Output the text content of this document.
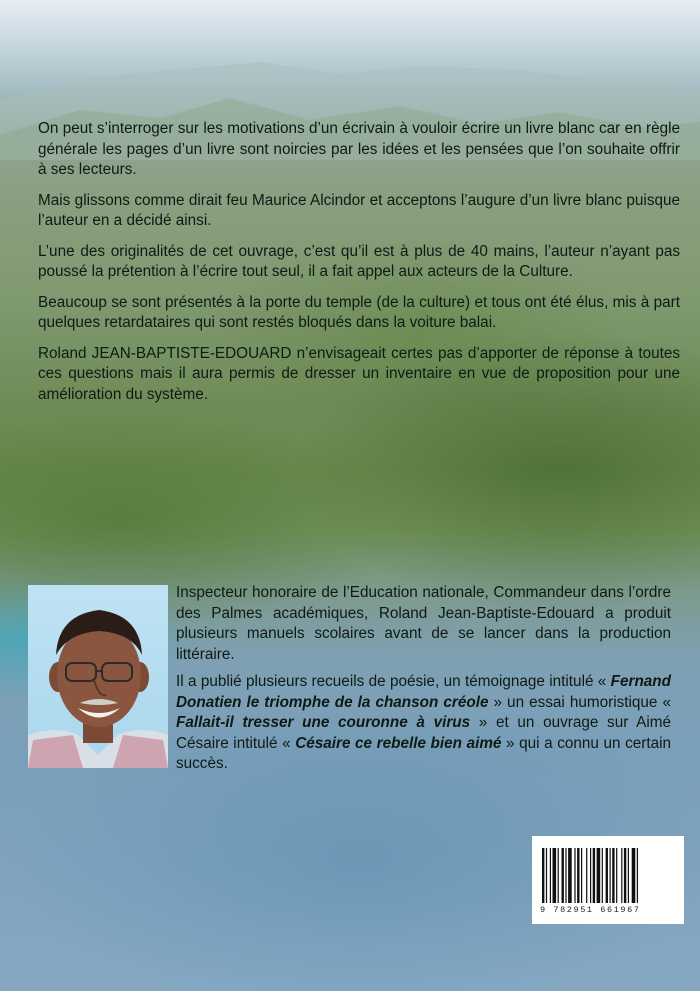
On peut s’interroger sur les motivations d’un écrivain à vouloir écrire un livre blanc car en règle générale les pages d’un livre sont noircies par les idées et les pensées que l’on souhaite offrir à ses lecteurs.

Mais glissons comme dirait feu Maurice Alcindor et acceptons l’augure d’un livre blanc puisque l’auteur en a décidé ainsi.

L’une des originalités de cet ouvrage, c’est qu’il est à plus de 40 mains, l’auteur n’ayant pas poussé la prétention à l’écrire tout seul, il a fait appel aux acteurs de la Culture.

Beaucoup se sont présentés à la porte du temple (de la culture) et tous ont été élus, mis à part quelques retardataires qui sont restés bloqués dans la voiture balai.

Roland JEAN-BAPTISTE-EDOUARD n’envisageait certes pas d’apporter de réponse à toutes ces questions mais il aura permis de dresser un inventaire en vue de proposition pour une amélioration du système.

Inspecteur honoraire de l’Education nationale, Commandeur dans l’ordre des Palmes académiques, Roland Jean-Baptiste-Edouard a produit plusieurs manuels scolaires avant de se lancer dans la production littéraire.

Il a publié plusieurs recueils de poésie, un témoignage intitulé « Fernand Donatien le triomphe de la chanson créole » un essai humoristique « Fallait-il tresser une couronne à virus » et un ouvrage sur Aimé Césaire intitulé « Césaire ce rebelle bien aimé » qui a connu un certain succès.

9 782951 661967
